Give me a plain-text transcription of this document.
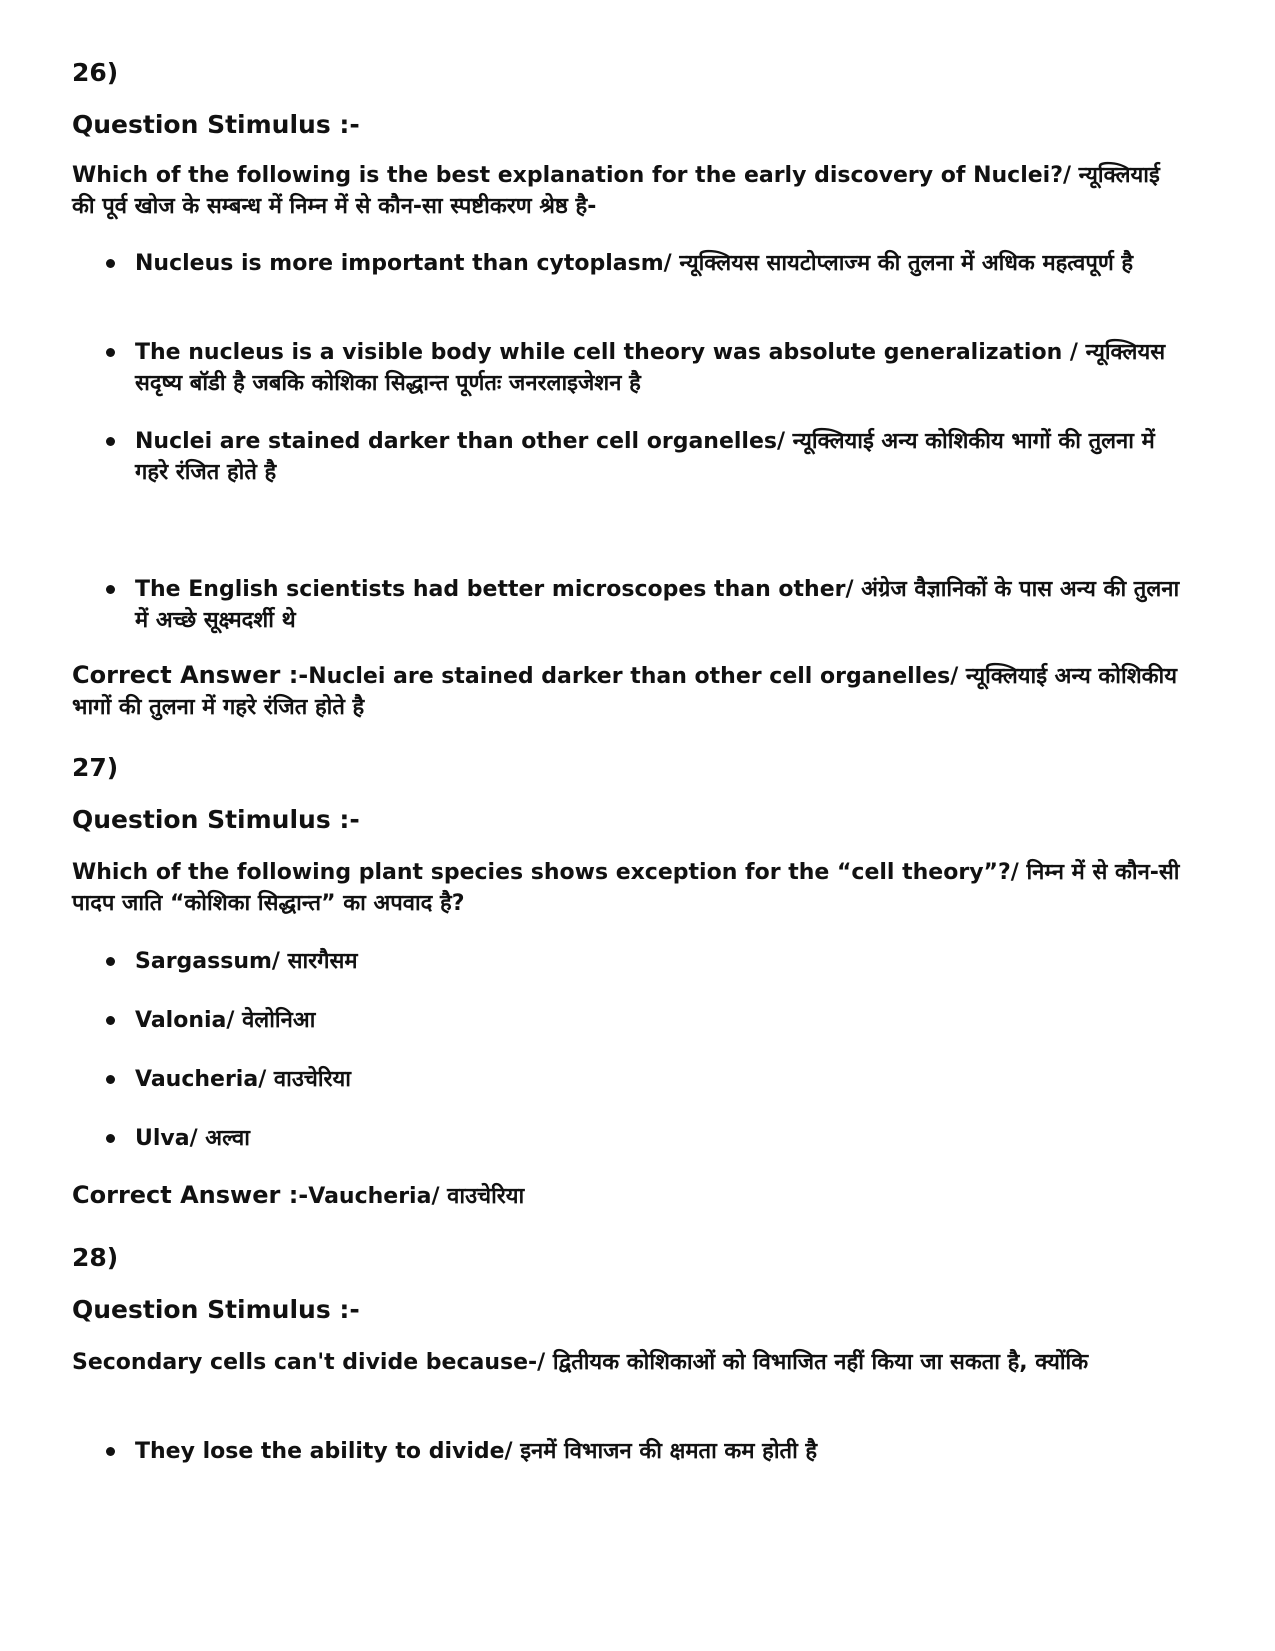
26)
Question Stimulus :-
Which of the following is the best explanation for the early discovery of Nuclei?/ न्यूक्लियाई की पूर्व खोज के सम्बन्ध में निम्न में से कौन-सा स्पष्टीकरण श्रेष्ठ है-
Nucleus is more important than cytoplasm/ न्यूक्लियस सायटोप्लाज्म की तुलना में अधिक महत्वपूर्ण है
The nucleus is a visible body while cell theory was absolute generalization / न्यूक्लियस सदृष्य बॉडी है जबकि कोशिका सिद्धान्त पूर्णतः जनरलाइजेशन है
Nuclei are stained darker than other cell organelles/ न्यूक्लियाई अन्य कोशिकीय भागों की तुलना में गहरे रंजित होते है
The English scientists had better microscopes than other/ अंग्रेज वैज्ञानिकों के पास अन्य की तुलना में अच्छे सूक्ष्मदर्शी थे
Correct Answer :-Nuclei are stained darker than other cell organelles/ न्यूक्लियाई अन्य कोशिकीय भागों की तुलना में गहरे रंजित होते है
27)
Question Stimulus :-
Which of the following plant species shows exception for the “cell theory”?/ निम्न में से कौन-सी पादप जाति “कोशिका सिद्धान्त” का अपवाद है?
Sargassum/ सारगैसम
Valonia/ वेलोनिआ
Vaucheria/ वाउचेरिया
Ulva/ अल्वा
Correct Answer :-Vaucheria/ वाउचेरिया
28)
Question Stimulus :-
Secondary cells can't divide because-/ द्वितीयक कोशिकाओं को विभाजित नहीं किया जा सकता है, क्योंकि
They lose the ability to divide/ इनमें विभाजन की क्षमता कम होती है
